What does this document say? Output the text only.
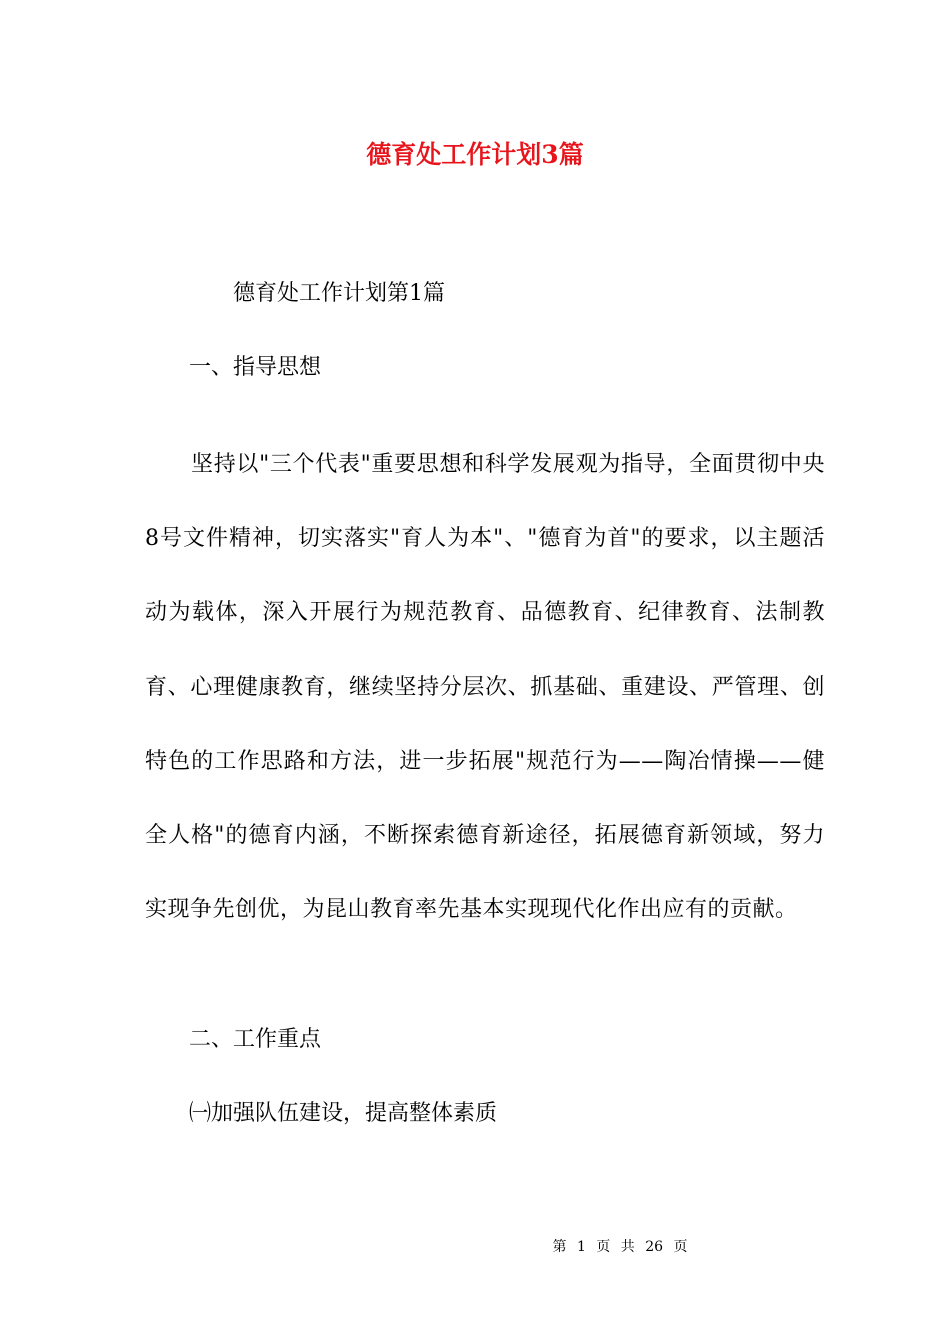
德育处工作计划3篇

德育处工作计划第1篇

一、指导思想

坚持以"三个代表"重要思想和科学发展观为指导，全面贯彻中央8号文件精神，切实落实"育人为本"、"德育为首"的要求，以主题活动为载体，深入开展行为规范教育、品德教育、纪律教育、法制教育、心理健康教育，继续坚持分层次、抓基础、重建设、严管理、创特色的工作思路和方法，进一步拓展"规范行为——陶冶情操——健全人格"的德育内涵，不断探索德育新途径，拓展德育新领域，努力实现争先创优，为昆山教育率先基本实现现代化作出应有的贡献。

二、工作重点

㈠加强队伍建设，提高整体素质

第 1 页 共 26 页
